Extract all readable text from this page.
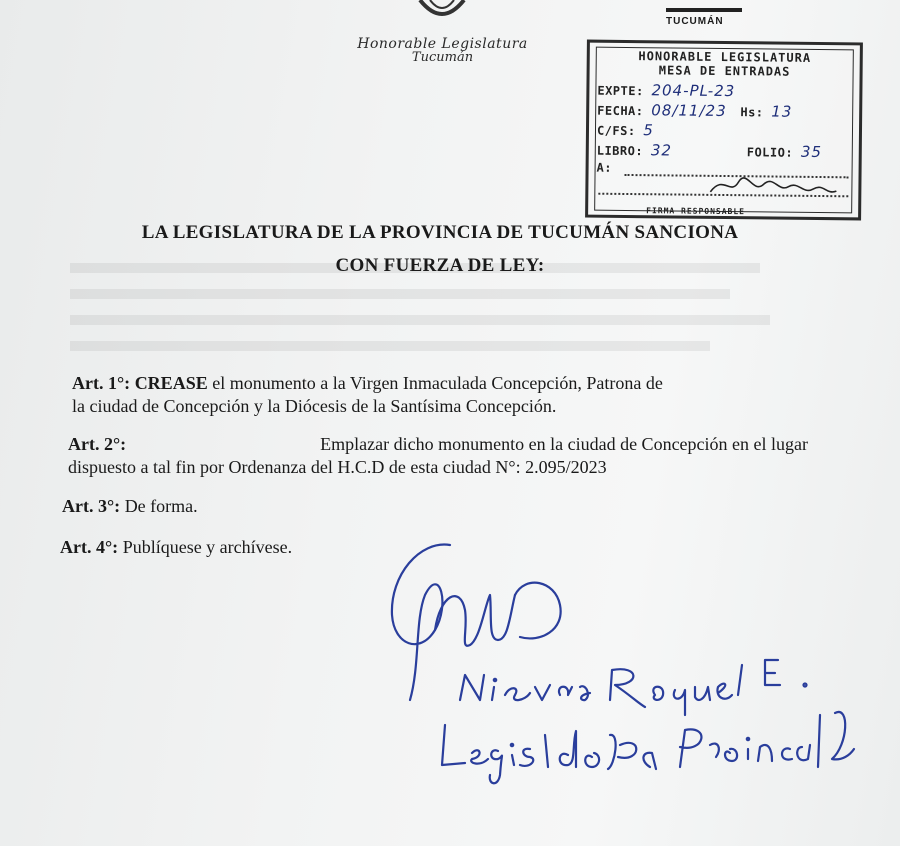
Honorable Legislatura
Tucumán
TUCUMÁN
HONORABLE LEGISLATURA
MESA DE ENTRADAS
EXPTE: 204-PL-23
FECHA: 08/11/23 Hs: 13
C/FS: 5
LIBRO: 32	FOLIO: 35
A:
FIRMA RESPONSABLE
LA LEGISLATURA DE LA PROVINCIA DE TUCUMÁN SANCIONA
CON FUERZA DE LEY:
Art. 1°: CREASE el monumento a la Virgen Inmaculada Concepción, Patrona de
la ciudad de Concepción y la Diócesis de la Santísima Concepción.
Art. 2°:	Emplazar dicho monumento en la ciudad de Concepción en el lugar
dispuesto a tal fin por Ordenanza del H.C.D de esta ciudad N°: 2.095/2023
Art. 3°: De forma.
Art. 4°: Publíquese y archívese.
